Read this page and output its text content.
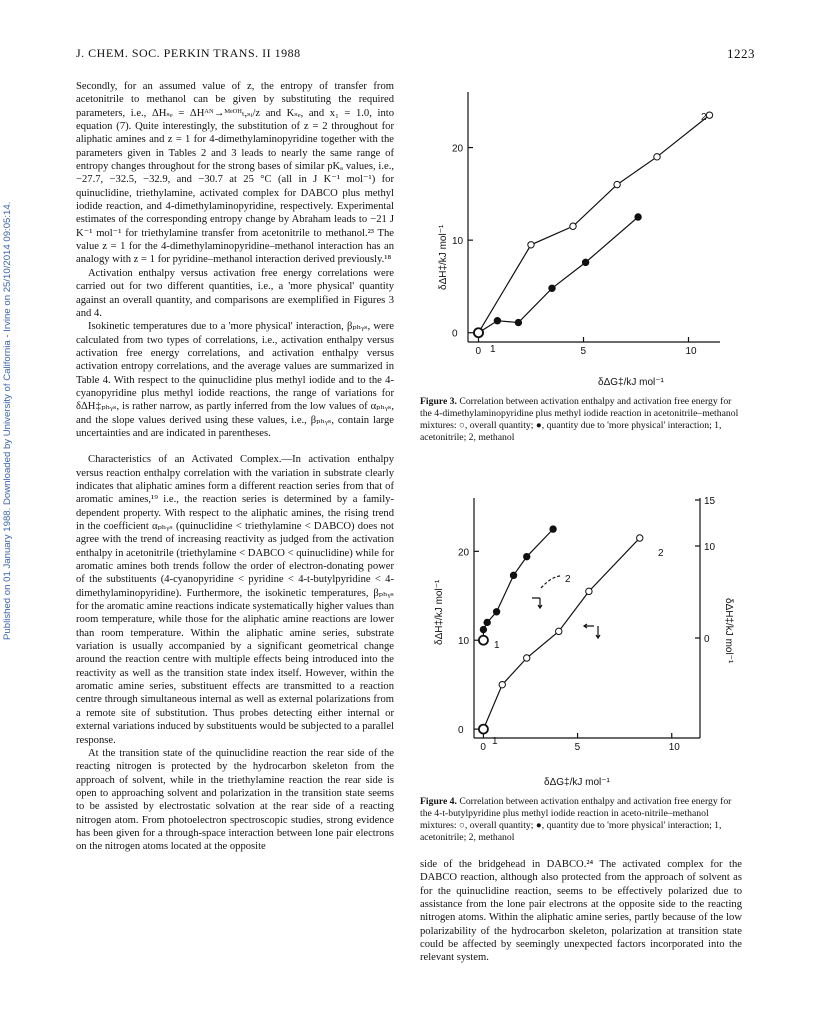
J. CHEM. SOC. PERKIN TRANS. II 1988	1223
Published on 01 January 1988. Downloaded by University of California - Irvine on 25/10/2014 09:05:14.

Secondly, for an assumed value of z, the entropy of transfer from acetonitrile to methanol can be given by substituting the required parameters, i.e., ΔHₛₑ = ΔHᴬᴺ→ᴹᵉᴼᴴₜ,ₛᵢ/z and Kₛₑ, and x₁ = 1.0, into equation (7). Quite interestingly, the substitution of z = 2 throughout for aliphatic amines and z = 1 for 4-dimethylaminopyridine together with the parameters given in Tables 2 and 3 leads to nearly the same range of entropy changes throughout for the strong bases of similar pKₐ values, i.e., −27.7, −32.5, −32.9, and −30.7 at 25 °C (all in J K⁻¹ mol⁻¹) for quinuclidine, triethylamine, activated complex for DABCO plus methyl iodide reaction, and 4-dimethylaminopyridine, respectively. Experimental estimates of the corresponding entropy change by Abraham leads to −21 J K⁻¹ mol⁻¹ for triethylamine transfer from acetonitrile to methanol.²³ The value z = 1 for the 4-dimethylaminopyridine–methanol interaction has an analogy with z = 1 for pyridine–methanol interaction derived previously.¹⁸

Activation enthalpy versus activation free energy correlations were carried out for two different quantities, i.e., a 'more physical' quantity against an overall quantity, and comparisons are exemplified in Figures 3 and 4.

Isokinetic temperatures due to a 'more physical' interaction, βₚₕᵧₛ, were calculated from two types of correlations, i.e., activation enthalpy versus activation free energy correlations, and activation enthalpy versus activation entropy correlations, and the average values are summarized in Table 4. With respect to the quinuclidine plus methyl iodide and to the 4-cyanopyridine plus methyl iodide reactions, the range of variations for δΔH‡ₚₕᵧₛ, is rather narrow, as partly inferred from the low values of αₚₕᵧₛ, and the slope values derived using these values, i.e., βₚₕᵧₛ, contain large uncertainties and are indicated in parentheses.

Characteristics of an Activated Complex.—In activation enthalpy versus reaction enthalpy correlation with the variation in substrate clearly indicates that aliphatic amines form a different reaction series from that of aromatic amines,¹⁹ i.e., the reaction series is determined by a family-dependent property. With respect to the aliphatic amines, the rising trend in the coefficient αₚₕᵧₛ (quinuclidine < triethylamine < DABCO) does not agree with the trend of increasing reactivity as judged from the activation enthalpy in acetonitrile (triethylamine < DABCO < quinuclidine) while for aromatic amines both trends follow the order of electron-donating power of the substituents (4-cyanopyridine < pyridine < 4-t-butylpyridine < 4-dimethylaminopyridine). Furthermore, the isokinetic temperatures, βₚₕᵧₛ for the aromatic amine reactions indicate systematically higher values than room temperature, while those for the aliphatic amine reactions are lower than room temperature. Within the aliphatic amine series, substrate variation is usually accompanied by a significant geometrical change around the reaction centre with multiple effects being introduced into the reactivity as well as the transition state index itself. However, within the aromatic amine series, substituent effects are transmitted to a reaction centre through simultaneous internal as well as external polarizations from a remote site of substitution. Thus probes detecting either internal or external variations induced by substituents would be subjected to a parallel response.

At the transition state of the quinuclidine reaction the rear side of the reacting nitrogen is protected by the hydrocarbon skeleton from the approach of solvent, while in the triethylamine reaction the rear side is open to approaching solvent and polarization in the transition state seems to be assisted by electrostatic solvation at the rear side of a reacting nitrogen atom. From photoelectron spectroscopic studies, strong evidence has been given for a through-space interaction between lone pair electrons on the nitrogen atoms located at the opposite

0	5	10
0
10
20
δΔH‡/kJ mol⁻¹
δΔG‡/kJ mol⁻¹
1
2
Figure 3. Correlation between activation enthalpy and activation free energy for the 4-dimethylaminopyridine plus methyl iodide reaction in acetonitrile–methanol mixtures: ○, overall quantity; ●, quantity due to 'more physical' interaction; 1, acetonitrile; 2, methanol
0	5	10
0
10
20
0
10
15
δΔH‡/kJ mol⁻¹	δΔH‡/kJ mol⁻¹
δΔG‡/kJ mol⁻¹
1
2
1
2
Figure 4. Correlation between activation enthalpy and activation free energy for the 4-t-butylpyridine plus methyl iodide reaction in aceto-nitrile–methanol mixtures: ○, overall quantity; ●, quantity due to 'more physical' interaction; 1, acetonitrile; 2, methanol

side of the bridgehead in DABCO.²⁴ The activated complex for the DABCO reaction, although also protected from the approach of solvent as for the quinuclidine reaction, seems to be effectively polarized due to assistance from the lone pair electrons at the opposite side to the reacting nitrogen atoms. Within the aliphatic amine series, partly because of the low polarizability of the hydrocarbon skeleton, polarization at transition state could be affected by seemingly unexpected factors incorporated into the relevant system.
